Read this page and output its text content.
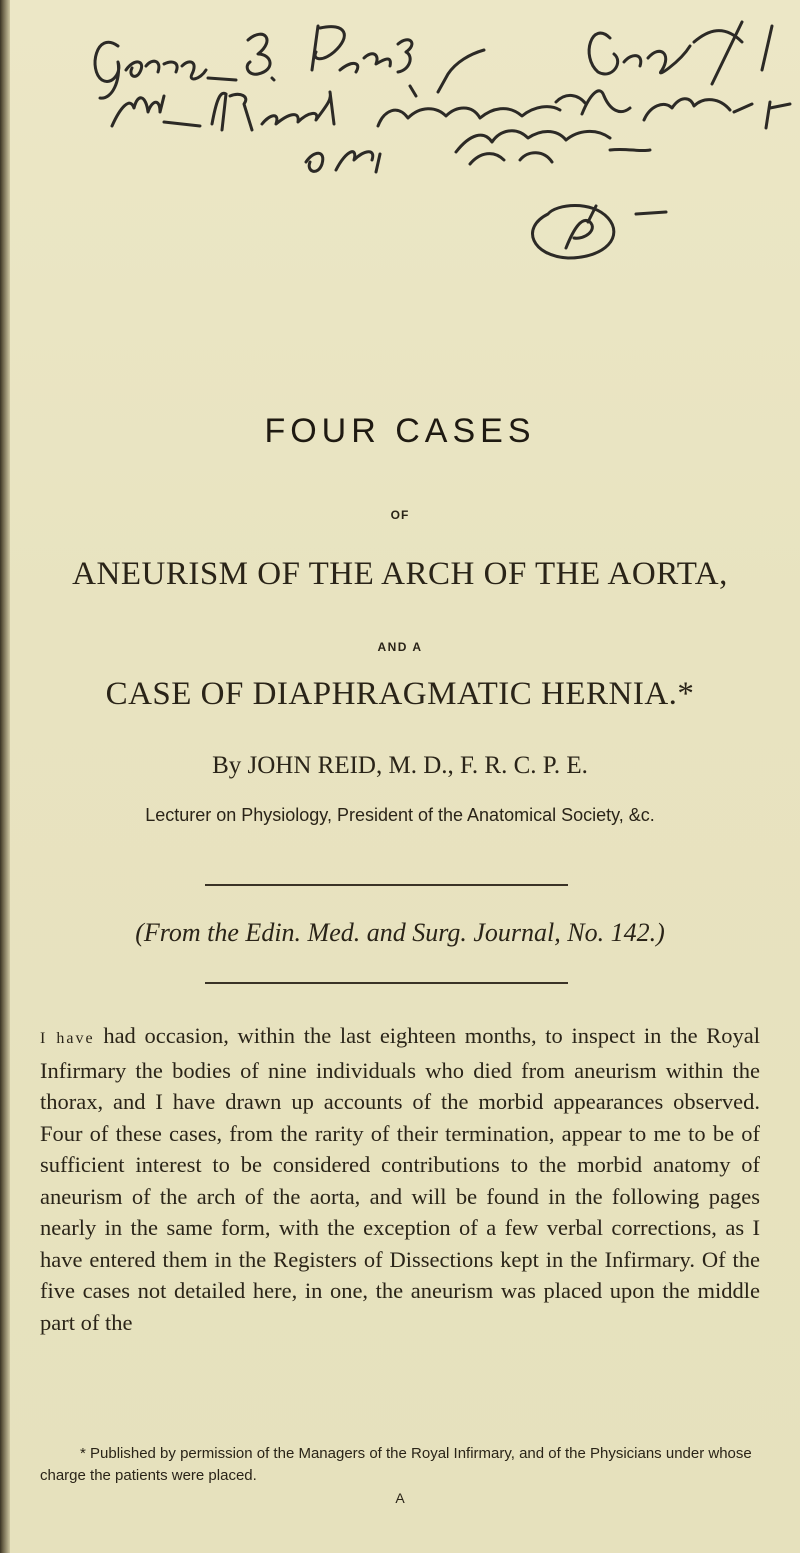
FOUR CASES
OF
ANEURISM OF THE ARCH OF THE AORTA,
AND A
CASE OF DIAPHRAGMATIC HERNIA.*
By JOHN REID, M. D., F. R. C. P. E.
Lecturer on Physiology, President of the Anatomical Society, &c.
(From the Edin. Med. and Surg. Journal, No. 142.)

I have had occasion, within the last eighteen months, to inspect in the Royal Infirmary the bodies of nine individuals who died from aneurism within the thorax, and I have drawn up accounts of the morbid appearances observed. Four of these cases, from the rarity of their termination, appear to me to be of sufficient interest to be considered contributions to the morbid anatomy of aneurism of the arch of the aorta, and will be found in the following pages nearly in the same form, with the exception of a few verbal corrections, as I have entered them in the Registers of Dissections kept in the Infirmary. Of the five cases not detailed here, in one, the aneurism was placed upon the middle part of the

* Published by permission of the Managers of the Royal Infirmary, and of the Physicians under whose charge the patients were placed.
A
